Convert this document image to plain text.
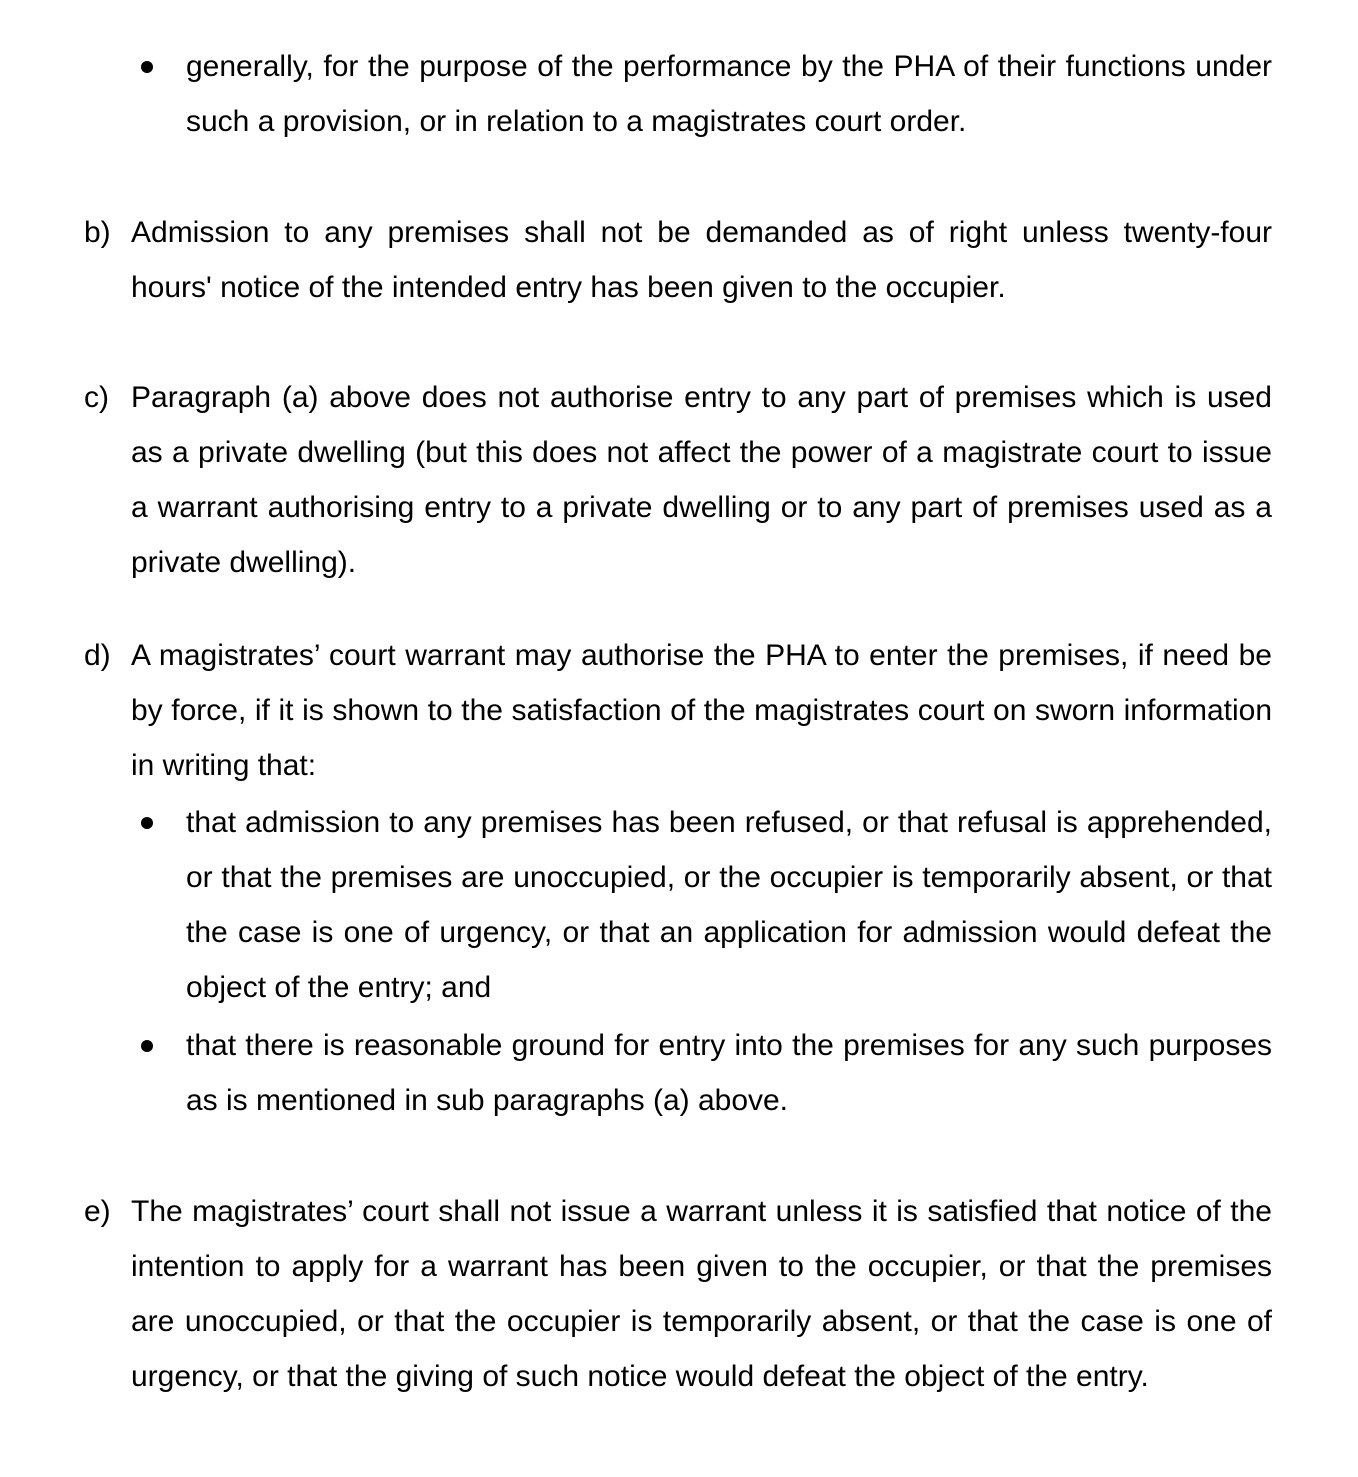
generally, for the purpose of the performance by the PHA of their functions under such a provision, or in relation to a magistrates court order.
b) Admission to any premises shall not be demanded as of right unless twenty-four hours' notice of the intended entry has been given to the occupier.
c) Paragraph (a) above does not authorise entry to any part of premises which is used as a private dwelling (but this does not affect the power of a magistrate court to issue a warrant authorising entry to a private dwelling or to any part of premises used as a private dwelling).
d) A magistrates’ court warrant may authorise the PHA to enter the premises, if need be by force, if it is shown to the satisfaction of the magistrates court on sworn information in writing that:
that admission to any premises has been refused, or that refusal is apprehended, or that the premises are unoccupied, or the occupier is temporarily absent, or that the case is one of urgency, or that an application for admission would defeat the object of the entry; and
that there is reasonable ground for entry into the premises for any such purposes as is mentioned in sub paragraphs (a) above.
e) The magistrates’ court shall not issue a warrant unless it is satisfied that notice of the intention to apply for a warrant has been given to the occupier, or that the premises are unoccupied, or that the occupier is temporarily absent, or that the case is one of urgency, or that the giving of such notice would defeat the object of the entry.
